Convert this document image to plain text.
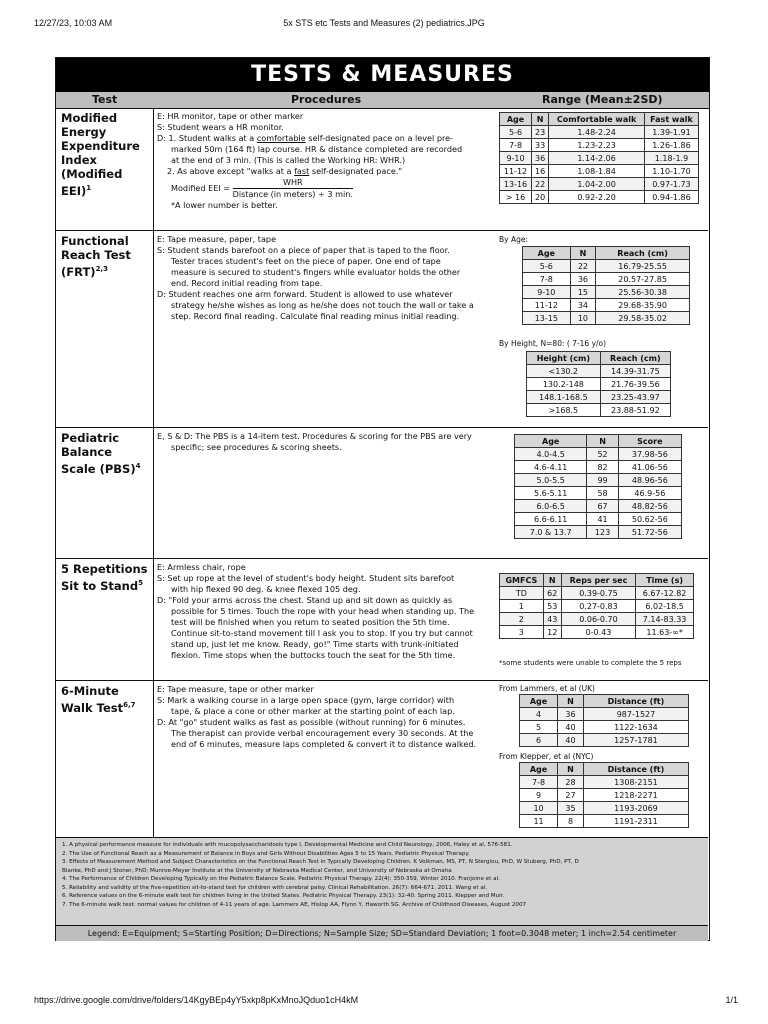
12/27/23, 10:03 AM	5x STS etc Tests and Measures (2) pediatrics.JPG
TESTS & MEASURES
Test	Procedures	Range (Mean±2SD)
Modified Energy Expenditure Index (Modified EEI)$^1$

E: HR monitor, tape or other marker

S: Student wears a HR monitor.

D: 1. Student walks at a comfortable self-designated pace on a level pre-

marked 50m (164 ft) lap course. HR & distance completed are recorded

at the end of 3 min. (This is called the Working HR: WHR.)

2. As above except "walks at a fast self-designated pace."

Modified EEI = $\frac{\text{WHR}}{\text{Distance (in meters) ÷ 3 min.}}$

*A lower number is better.

Age	N	Comfortable walk	Fast walk
5-6	23	1.48-2.24	1.39-1.91
7-8	33	1.23-2.23	1.26-1.86
9-10	36	1.14-2.06	1.18-1.9
11-12	16	1.08-1.84	1.10-1.70
13-16	22	1.04-2.00	0.97-1.73
> 16	20	0.92-2.20	0.94-1.86
Functional Reach Test (FRT)$^{2,3}$

E: Tape measure, paper, tape

S: Student stands barefoot on a piece of paper that is taped to the floor.

Tester traces student's feet on the piece of paper. One end of tape

measure is secured to student's fingers while evaluator holds the other

end. Record initial reading from tape.

D: Student reaches one arm forward. Student is allowed to use whatever

strategy he/she wishes as long as he/she does not touch the wall or take a

step. Record final reading. Calculate final reading minus initial reading.

By Age:
Age	N	Reach (cm)
5-6	22	16.79-25.55
7-8	36	20.57-27.85
9-10	15	25.56-30.38
11-12	34	29.68-35.90
13-15	10	29.58-35.02
By Height, N=80: ( 7-16 y/o)
Height (cm)	Reach (cm)
<130.2	14.39-31.75
130.2-148	21.76-39.56
148.1-168.5	23.25-43.97
>168.5	23.88-51.92
Pediatric Balance Scale (PBS)$^4$

E, S & D: The PBS is a 14-item test. Procedures & scoring for the PBS are very

specific; see procedures & scoring sheets.

Age	N	Score
4.0-4.5	52	37.98-56
4.6-4.11	82	41.06-56
5.0-5.5	99	48.96-56
5.6-5.11	58	46.9-56
6.0-6.5	67	48.82-56
6.6-6.11	41	50.62-56
7.0 & 13.7	123	51.72-56
5 Repetitions Sit to Stand$^5$

E: Armless chair, rope

S: Set up rope at the level of student's body height. Student sits barefoot

with hip flexed 90 deg. & knee flexed 105 deg.

D: "Fold your arms across the chest. Stand up and sit down as quickly as

possible for 5 times. Touch the rope with your head when standing up. The

test will be finished when you return to seated position the 5th time.

Continue sit-to-stand movement till I ask you to stop. If you try but cannot

stand up, just let me know. Ready, go!" Time starts with trunk-initiated

flexion. Time stops when the buttocks touch the seat for the 5th time.

GMFCS	N	Reps per sec	Time (s)
TD	62	0.39-0.75	6.67-12.82
1	53	0.27-0.83	6.02-18.5
2	43	0.06-0.70	7.14-83.33
3	12	0-0.43	11.63-∞*
*some students were unable to complete the 5 reps
6-Minute Walk Test$^{6,7}$

E: Tape measure, tape or other marker

S: Mark a walking course in a large open space (gym, large corridor) with

tape, & place a cone or other marker at the starting point of each lap.

D: At "go" student walks as fast as possible (without running) for 6 minutes.

The therapist can provide verbal encouragement every 30 seconds. At the

end of 6 minutes, measure laps completed & convert it to distance walked.

From Lammers, et al (UK)
Age	N	Distance (ft)
4	36	987-1527
5	40	1122-1634
6	40	1257-1781
From Klepper, et al (NYC)
Age	N	Distance (ft)
7-8	28	1308-2151
9	27	1218-2271
10	35	1193-2069
11	8	1191-2311

1. A physical performance measure for individuals with mucopolysaccharidosis type I, Developmental Medicine and Child Neurology, 2006, Haley et al, 576-581.

2. The Use of Functional Reach as a Measurement of Balance in Boys and Girls Without Disabilities Ages 5 to 15 Years. Pediatric Physical Therapy.

3. Effects of Measurement Method and Subject Characteristics on the Functional Reach Test in Typically Developing Children. K Volkman, MS, PT, N Stergiou, PhD, W Stuberg, PhD, PT, D

Blanke, PhD and J Stoner, PhD; Munroe-Meyer Institute at the University of Nebraska Medical Center, and University of Nebraska at Omaha

4. The Performance of Children Developing Typically on the Pediatric Balance Scale. Pediatric Physical Therapy. 22(4): 350-359, Winter 2010. Franjoine et al.

5. Reliability and validity of the five-repetition sit-to-stand test for children with cerebral palsy. Clinical Rehabilitation. 26(7): 664-671. 2011. Wang et al.

6. Reference values on the 6-minute walk test for children living in the United States. Pediatric Physical Therapy. 23(1): 32-40. Spring 2011. Klepper and Muir.

7. The 6-minute walk test: normal values for children of 4-11 years of age. Lammers AE, Hislop AA, Flynn Y, Haworth SG. Archive of Childhood Diseases, August 2007

Legend: E=Equipment; S=Starting Position; D=Directions; N=Sample Size; SD=Standard Deviation; 1 foot=0.3048 meter; 1 inch=2.54 centimeter
https://drive.google.com/drive/folders/14KgyBEp4yY5xkp8pKxMnoJQduo1cH4kM	1/1
